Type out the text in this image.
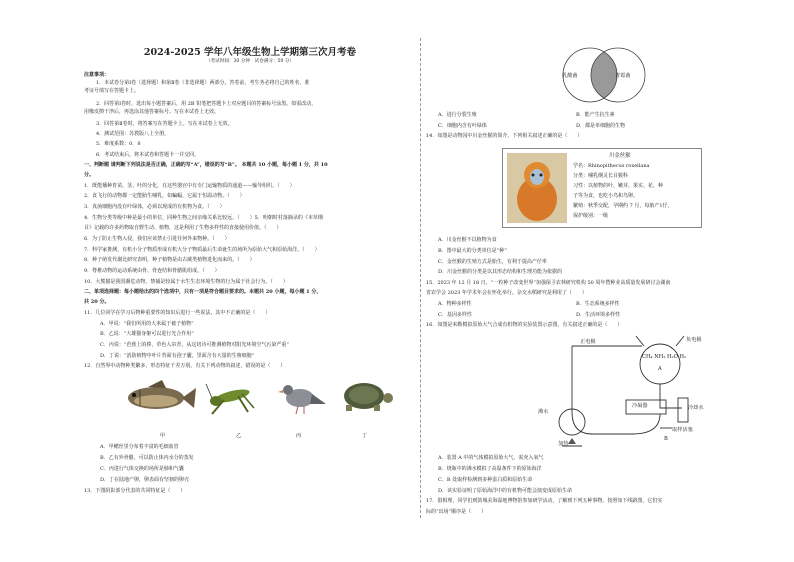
2024-2025 学年八年级生物上学期第三次月考卷
（考试时间：30 分钟　试卷满分：50 分）
注意事项：
1．本试卷分第Ⅰ卷（选择题）和第Ⅱ卷（非选择题）两部分。答卷前，考生务必将自己的姓名、准
考证号填写在答题卡上。
2．回答第Ⅰ卷时，选出每小题答案后，用 2B 铅笔把答题卡上对应题目的答案标号涂黑。如需改动，
用橡皮擦干净后，再选涂其他答案标号。写在本试卷上无效。
3．回答第Ⅱ卷时，将答案写在答题卡上。写在本试卷上无效。
4．测试范围：苏教版八上全册。
5．难度系数：0．8
6．考试结束后，将本试卷和答题卡一并交回。
一、判断题 请判断下列说法是否正确，正确的写“A”，错误的写“B”。 本题共 10 小题，每小题 1 分，共 10
分。
1．既能播种育苗，茎、叶的分化，在这些器官中有专门运输物质的通道——输导组织。（　　）
2．食飞行的动物都一定能胎生哺乳，如蝙蝠，它属于恒温动物。（　　）
3．真菌细胞内没有叶绿体，必须以现成的有机物为食。（　　）
4．生物分类等级中种是最小的单位，同种生物之间亲缘关系比较远。（　　）5．明朝时村落摘录的《本草纲
目》记载的许多药物取自野生动、植物，这是利用了生物多样性的直接使用价值。（　　）
6．为了防止生物入侵，我们应该禁止引进任何外来物种。（　　）
7．科学家推测，有机小分子物质形成有机大分子物质最后生命诞生的场所为原始大气和原始海洋。（　　）
8．种子萌发代谢比研究表明，种子植物是由古蕨类植物进化而来的。（　　）
9．脊椎动物的运动系统由骨、骨连结和骨骼肌组成。（　　）
10．大熊猫是我国濒危动物，禁捕是较属于水生生态环境生物的行为属于社会行为。（　　）
二、单项选择题：每小题给出的四个选项中，只有一项是符合题目要求的。本题共 20 小题，每小题 1 分，
共 20 分。
11．几位同学在学习后物种重要性的知识后进行一些说法，其中不正确的是（　　）
A．甲说：“我们所用的大米属于被子植物”
B．乙说：“大雄猫身躯可以进行光合作用”
C．丙说：“芭蕉上的捧，草色入帘青，从这切诗可推测植物对阳光环境空气污染严重”
D．丁说：“消防植物中叶片背面有孢子囊，里面含有大量的生殖细胞”
12．自然界中动物种类繁多，形态特征千差万别。有关下列动物的叙述，错误的是（　　）
甲	乙	丙	丁
A．甲鳃丝里分布着丰富的毛细血管
B．乙有外骨骼，可以防止体内水分的蒸发
C．丙进行气体交换的场所是肺和气囊
D．丁在陆地产卵，卵表面有坚韧的卵壳
13．下图阴影部分代表的共同特征是（　　）
乳酸菌	青霉菌
A．进行分裂生殖	B．能产生抗生素
C．细胞内含有叶绿体	D．都是单细胞的生物
14．如图是动物园中川金丝猴的简介，下列相关叙述正确的是（　　）
川金丝猴
学名：Rhinopithecus roxellana
分类：哺乳纲灵长目猴科
习性：以植物的叶、嫩芽、果实、花、种
子等为食，也吃小鸟和鸟卵。
繁殖：秋季交配，孕期约 7 月，每胎产1仔。
保护级别：一级
A．川金丝猴不以植物为食
B．图中最大的分类单位是“种”
C．金丝猴的生殖方式是胎生，有利于提高产仔率
D．川金丝猴的分类是以其形态结构和生理功能为依据的
15．2023 年 12 月 18 日，“一粒种子改变世界”加强保卫农林研究机构 50 周年暨种业高质量发展研讨会湖南
省农学会 2023 年学术年会在怀化举行。杂交水稻研究是利用了（　　）
A．物种多样性	B．生态系统多样性
C．基因多样性	D．生活环境多样性
16．如图是米勒模拟原始大气合成有机物的实验装置示意图，有关叙述正确的是（　　）
正电极	负电极
A
CH₄ NH₃ H₂O H₂
冷凝器	冷却水
沸水
加热
取样活塞
B
A．装置 A 中的气体模拟原始大气，需充入氧气
B．烧瓶中的沸水模拟了高温条件下的原始海洋
C．B 处取样检测到多种蛋白质和原始生命
D．该实验证明了原始海洋中的有机物可能会演变成原始生命
17．借相理，同学们到鼓城美海湿地博物馆参加研学活动，了解到下列五种事物。按照如下线路图，它们实
际的“出场”顺序是（　　）
